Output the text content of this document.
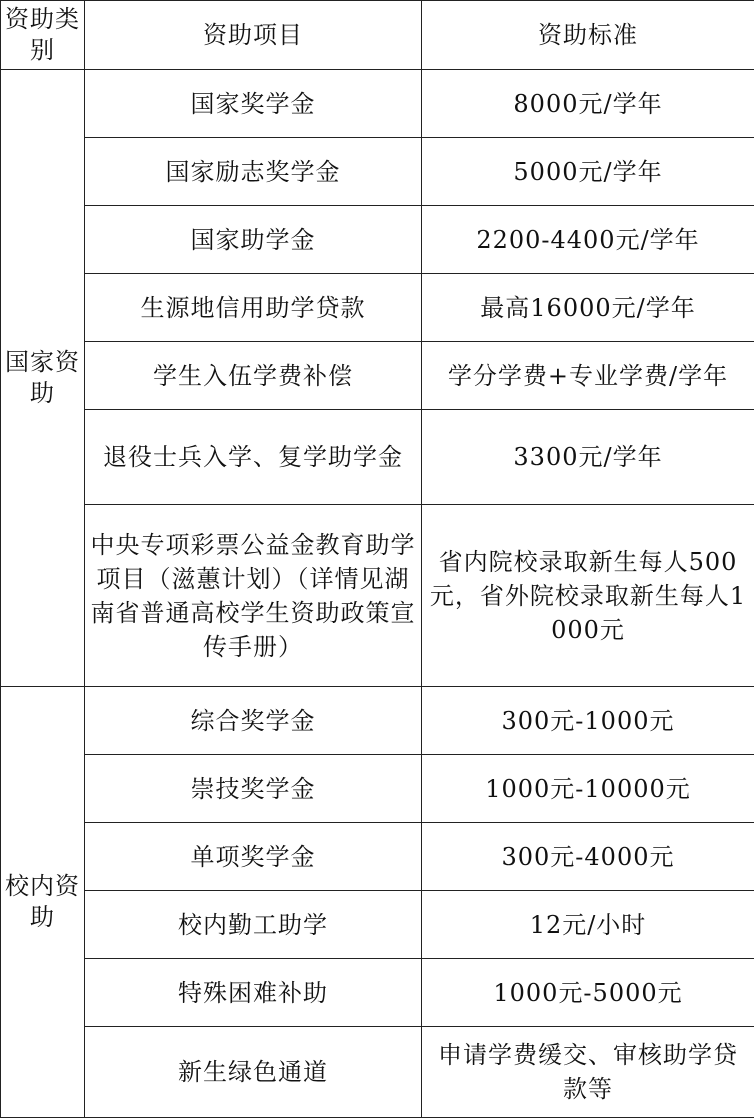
资助类别	资助项目	资助标准
国家资助	国家奖学金	8000元/学年
	国家励志奖学金	5000元/学年
	国家助学金	2200-4400元/学年
	生源地信用助学贷款	最高16000元/学年
	学生入伍学费补偿	学分学费+专业学费/学年
	退役士兵入学、复学助学金	3300元/学年
	中央专项彩票公益金教育助学项目（滋蕙计划）（详情见湖南省普通高校学生资助政策宣传手册）	省内院校录取新生每人500元，省外院校录取新生每人1000元
校内资助	综合奖学金	300元-1000元
	崇技奖学金	1000元-10000元
	单项奖学金	300元-4000元
	校内勤工助学	12元/小时
	特殊困难补助	1000元-5000元
	新生绿色通道	申请学费缓交、审核助学贷款等
